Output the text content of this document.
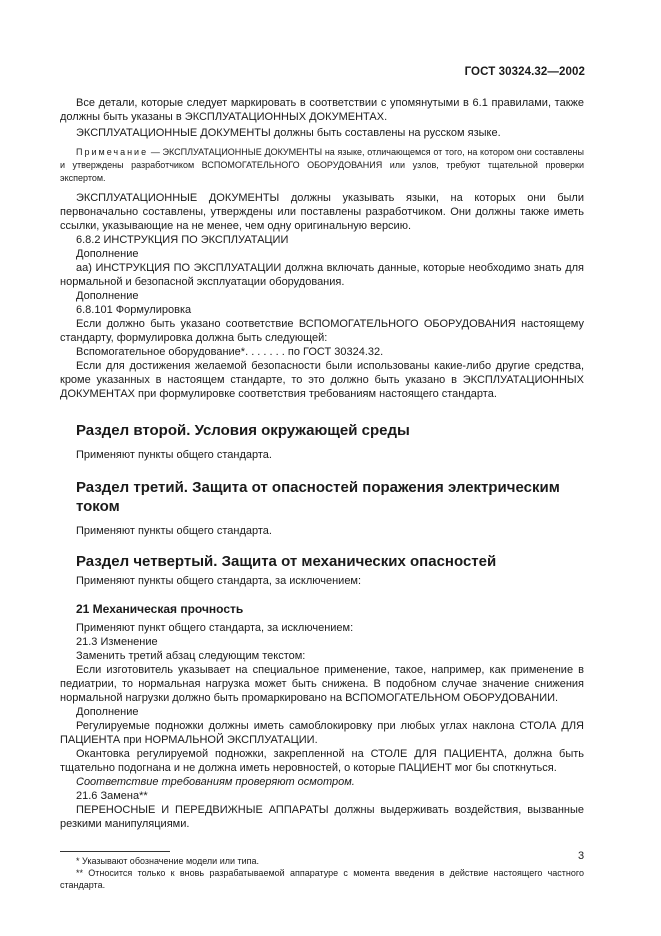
ГОСТ 30324.32—2002

Все детали, которые следует маркировать в соответствии с упомянутыми в 6.1 правилами, также должны быть указаны в ЭКСПЛУАТАЦИОННЫХ ДОКУМЕНТАХ.

ЭКСПЛУАТАЦИОННЫЕ ДОКУМЕНТЫ должны быть составлены на русском языке.

Примечание — ЭКСПЛУАТАЦИОННЫЕ ДОКУМЕНТЫ на языке, отличающемся от того, на котором они составлены и утверждены разработчиком ВСПОМОГАТЕЛЬНОГО ОБОРУДОВАНИЯ или узлов, требуют тщательной проверки экспертом.

ЭКСПЛУАТАЦИОННЫЕ ДОКУМЕНТЫ должны указывать языки, на которых они были первоначально составлены, утверждены или поставлены разработчиком. Они должны также иметь ссылки, указывающие на не менее, чем одну оригинальную версию.

6.8.2 ИНСТРУКЦИЯ ПО ЭКСПЛУАТАЦИИ

Дополнение

аа) ИНСТРУКЦИЯ ПО ЭКСПЛУАТАЦИИ должна включать данные, которые необходимо знать для нормальной и безопасной эксплуатации оборудования.

Дополнение

6.8.101 Формулировка

Если должно быть указано соответствие ВСПОМОГАТЕЛЬНОГО ОБОРУДОВАНИЯ настоящему стандарту, формулировка должна быть следующей:

Вспомогательное оборудование*. . . . . . . по ГОСТ 30324.32.

Если для достижения желаемой безопасности были использованы какие-либо другие средства, кроме указанных в настоящем стандарте, то это должно быть указано в ЭКСПЛУАТАЦИОННЫХ ДОКУМЕНТАХ при формулировке соответствия требованиям настоящего стандарта.

Раздел второй. Условия окружающей среды

Применяют пункты общего стандарта.

Раздел третий. Защита от опасностей поражения электрическим током

Применяют пункты общего стандарта.

Раздел четвертый. Защита от механических опасностей

Применяют пункты общего стандарта, за исключением:

21 Механическая прочность

Применяют пункт общего стандарта, за исключением:

21.3 Изменение

Заменить третий абзац следующим текстом:

Если изготовитель указывает на специальное применение, такое, например, как применение в педиатрии, то нормальная нагрузка может быть снижена. В подобном случае значение снижения нормальной нагрузки должно быть промаркировано на ВСПОМОГАТЕЛЬНОМ ОБОРУДОВАНИИ.

Дополнение

Регулируемые подножки должны иметь самоблокировку при любых углах наклона СТОЛА ДЛЯ ПАЦИЕНТА при НОРМАЛЬНОЙ ЭКСПЛУАТАЦИИ.

Окантовка регулируемой подножки, закрепленной на СТОЛЕ ДЛЯ ПАЦИЕНТА, должна быть тщательно подогнана и не должна иметь неровностей, о которые ПАЦИЕНТ мог бы споткнуться.

Соответствие требованиям проверяют осмотром.

21.6 Замена**

ПЕРЕНОСНЫЕ И ПЕРЕДВИЖНЫЕ АППАРАТЫ должны выдерживать воздействия, вызванные резкими манипуляциями.

* Указывают обозначение модели или типа.

** Относится только к вновь разрабатываемой аппаратуре с момента введения в действие настоящего частного стандарта.

3
